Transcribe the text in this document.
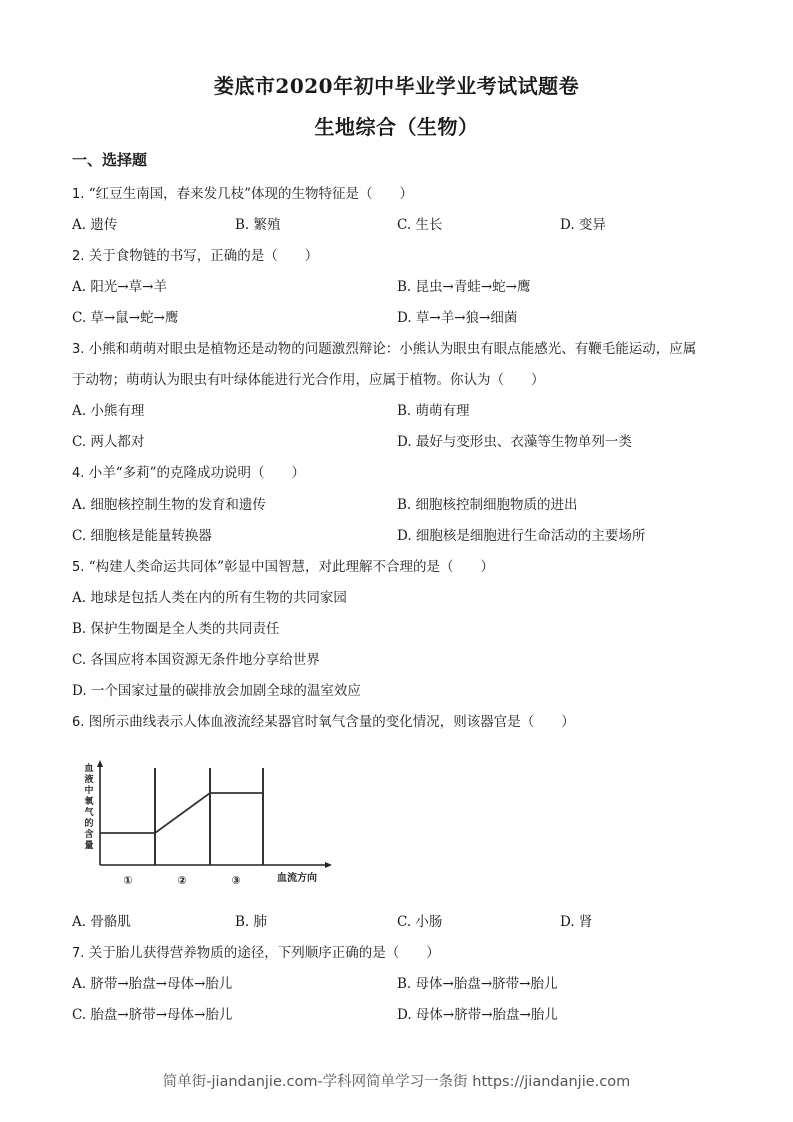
娄底市2020年初中毕业学业考试试题卷
生地综合（生物）
一、选择题
1. “红豆生南国，春来发几枝”体现的生物特征是（　　）
A. 遗传	B. 繁殖	C. 生长	D. 变异
2. 关于食物链的书写，正确的是（　　）
A. 阳光→草→羊	B. 昆虫→青蛙→蛇→鹰
C. 草→鼠→蛇→鹰	D. 草→羊→狼→细菌
3. 小熊和萌萌对眼虫是植物还是动物的问题激烈辩论：小熊认为眼虫有眼点能感光、有鞭毛能运动，应属
于动物；萌萌认为眼虫有叶绿体能进行光合作用，应属于植物。你认为（　　）
A. 小熊有理	B. 萌萌有理
C. 两人都对	D. 最好与变形虫、衣藻等生物单列一类
4. 小羊“多莉”的克隆成功说明（　　）
A. 细胞核控制生物的发育和遗传	B. 细胞核控制细胞物质的进出
C. 细胞核是能量转换器	D. 细胞核是细胞进行生命活动的主要场所
5. “构建人类命运共同体”彰显中国智慧，对此理解不合理的是（　　）
A. 地球是包括人类在内的所有生物的共同家园
B. 保护生物圈是全人类的共同责任
C. 各国应将本国资源无条件地分享给世界
D. 一个国家过量的碳排放会加剧全球的温室效应
6. 图所示曲线表示人体血液流经某器官时氧气含量的变化情况，则该器官是（　　）
血
液
中
氧
气
的
含
量
①	②	③	血流方向
A. 骨骼肌	B. 肺	C. 小肠	D. 肾
7. 关于胎儿获得营养物质的途径，下列顺序正确的是（　　）
A. 脐带→胎盘→母体→胎儿	B. 母体→胎盘→脐带→胎儿
C. 胎盘→脐带→母体→胎儿	D. 母体→脐带→胎盘→胎儿
简单街-jiandanjie.com-学科网简单学习一条街 https://jiandanjie.com
